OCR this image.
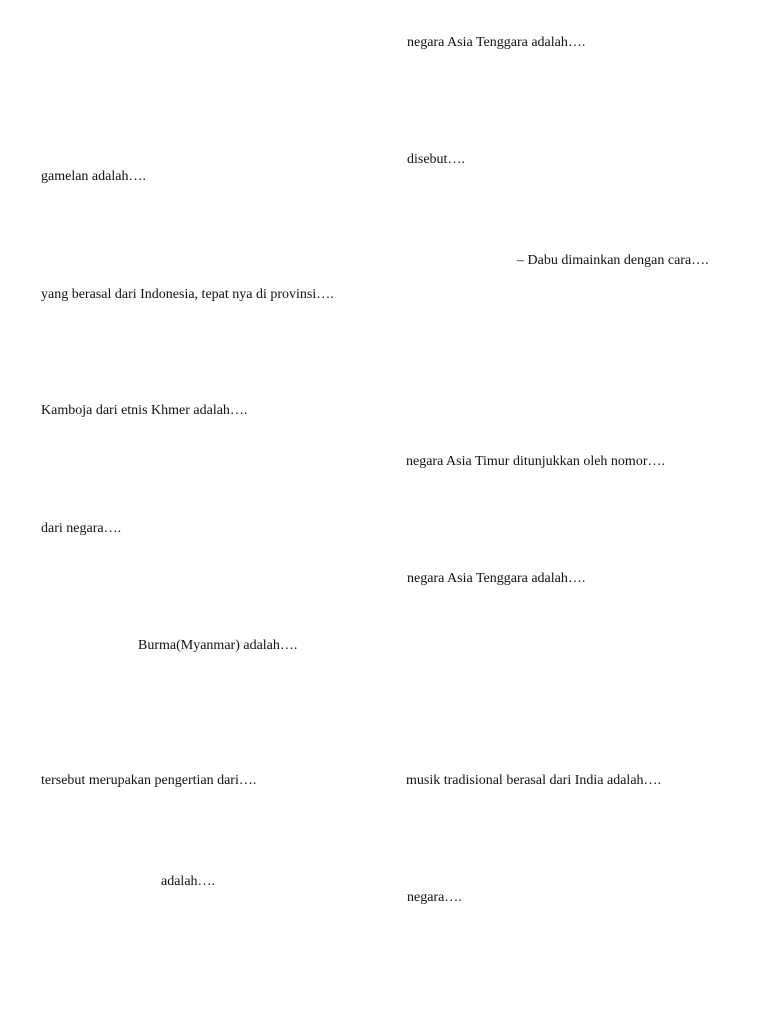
negara Asia Tenggara adalah….
disebut….
– Dabu dimainkan dengan cara….
negara Asia Timur ditunjukkan oleh nomor….
negara Asia Tenggara adalah….
musik tradisional berasal dari India adalah….
negara….
gamelan adalah….
yang berasal dari Indonesia, tepat nya di provinsi….
Kamboja dari etnis Khmer adalah….
dari negara….
Burma(Myanmar) adalah….
tersebut merupakan pengertian dari….
adalah….
